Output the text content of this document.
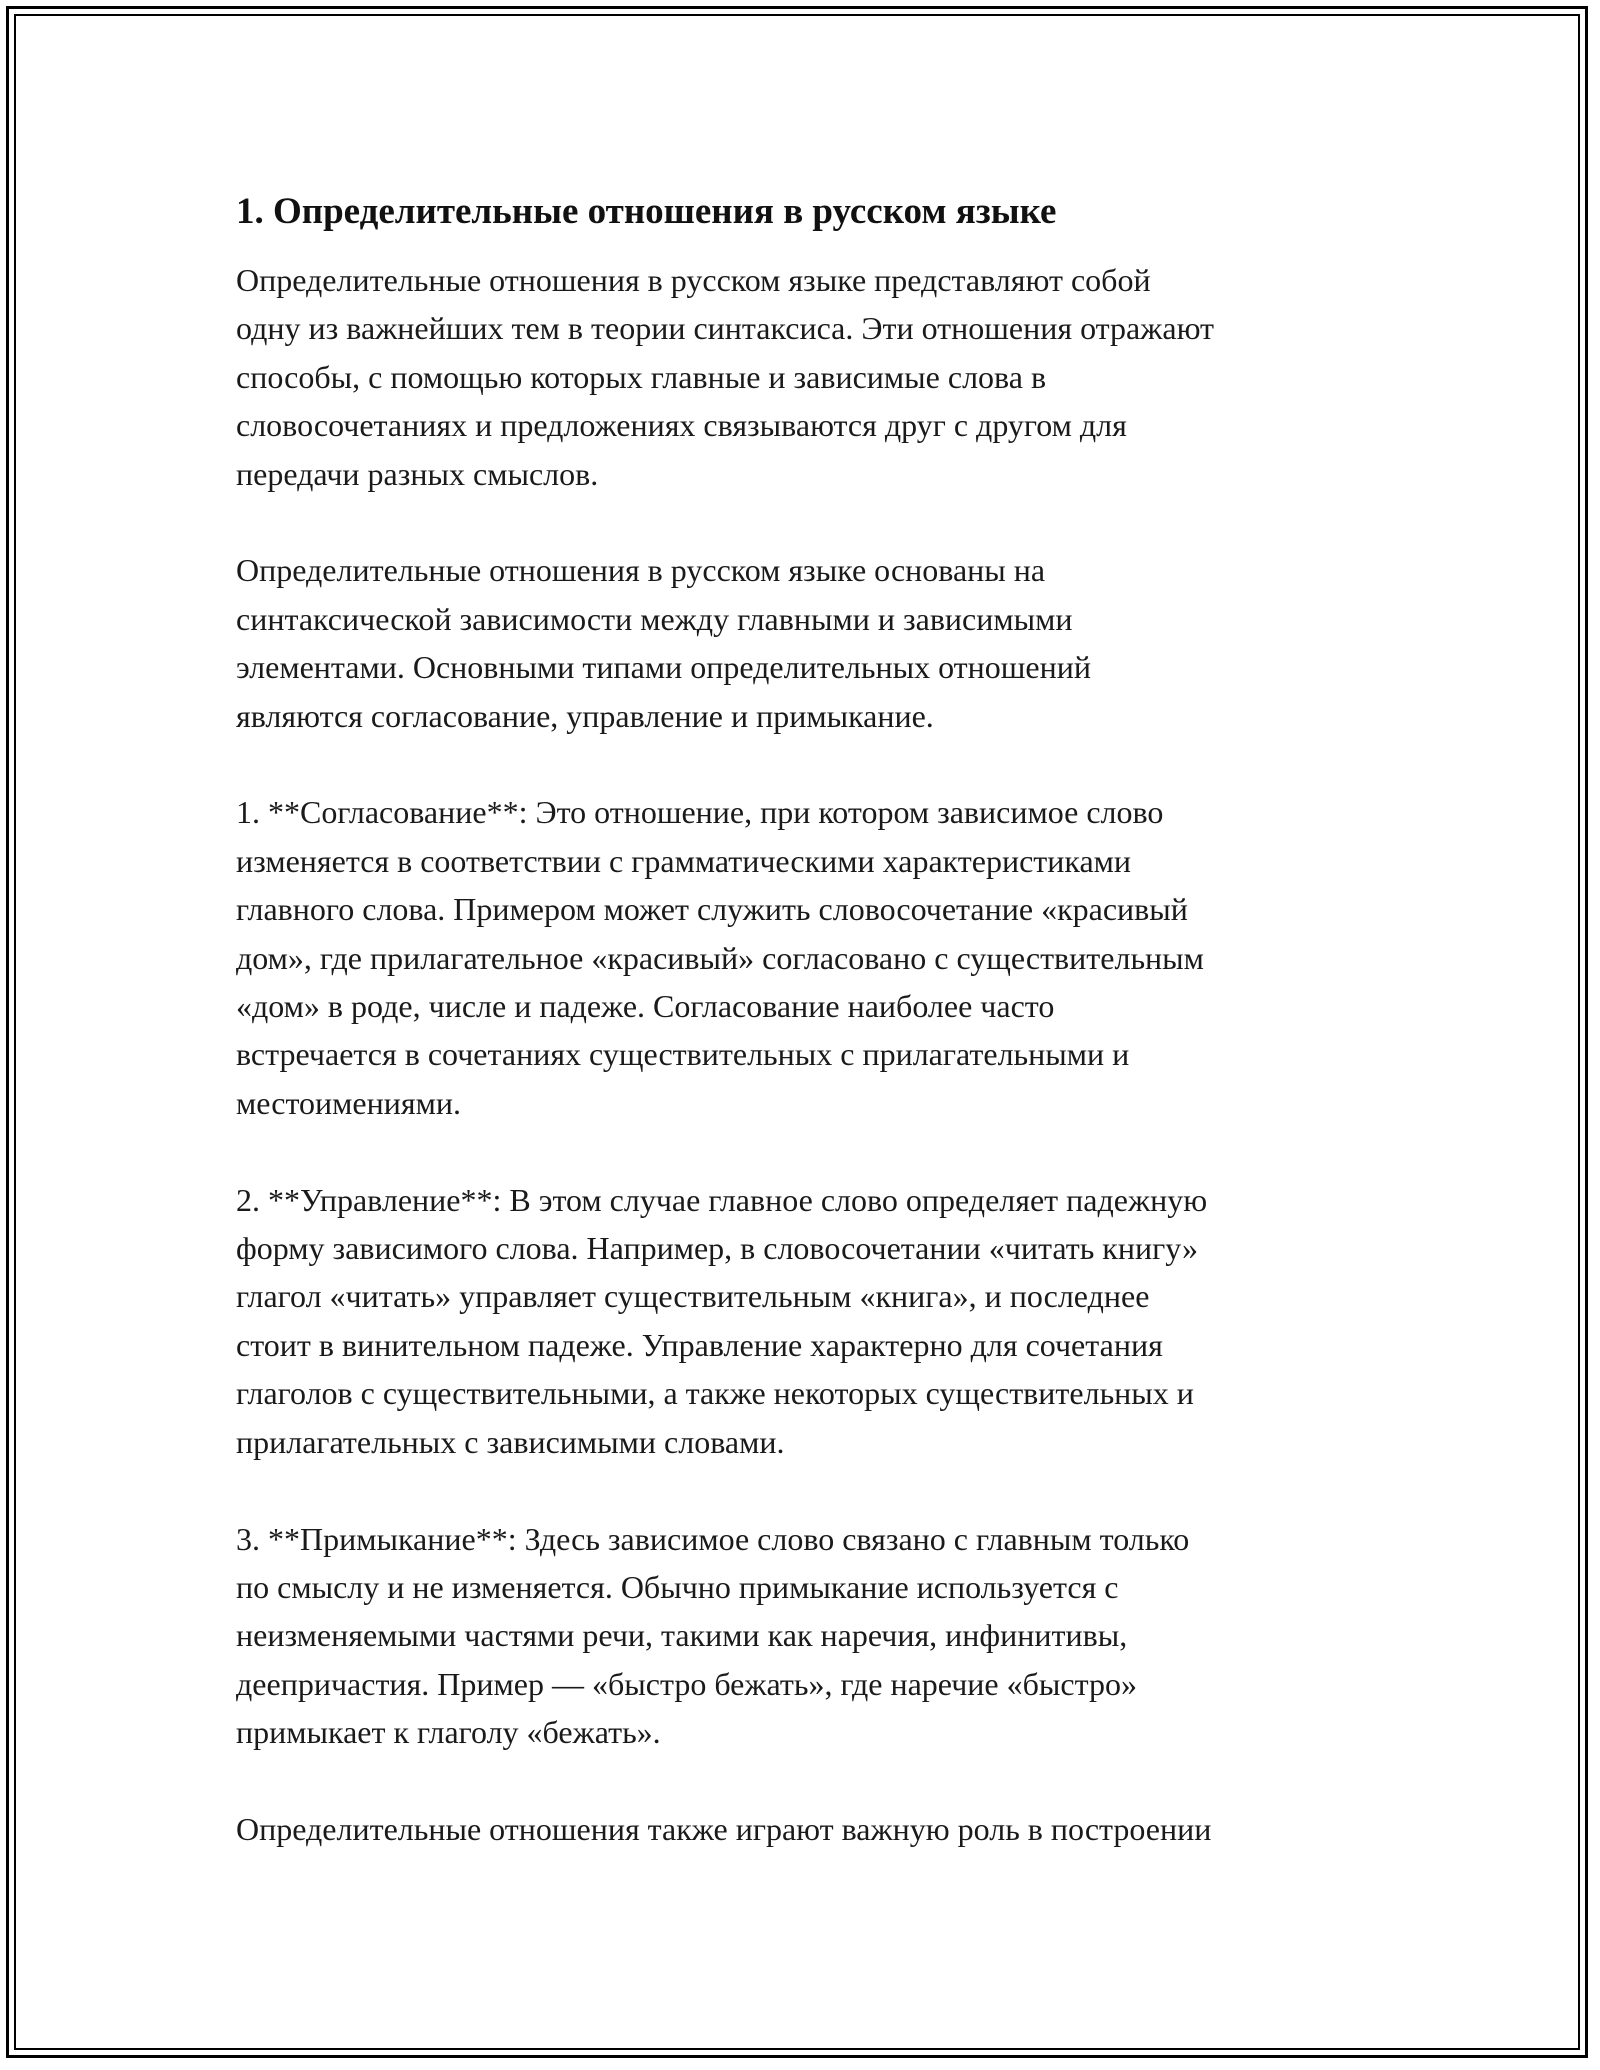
1. Определительные отношения в русском языке

Определительные отношения в русском языке представляют собой
одну из важнейших тем в теории синтаксиса. Эти отношения отражают
способы, с помощью которых главные и зависимые слова в
словосочетаниях и предложениях связываются друг с другом для
передачи разных смыслов.

Определительные отношения в русском языке основаны на
синтаксической зависимости между главными и зависимыми
элементами. Основными типами определительных отношений
являются согласование, управление и примыкание.

1. **Согласование**: Это отношение, при котором зависимое слово
изменяется в соответствии с грамматическими характеристиками
главного слова. Примером может служить словосочетание «красивый
дом», где прилагательное «красивый» согласовано с существительным
«дом» в роде, числе и падеже. Согласование наиболее часто
встречается в сочетаниях существительных с прилагательными и
местоимениями.

2. **Управление**: В этом случае главное слово определяет падежную
форму зависимого слова. Например, в словосочетании «читать книгу»
глагол «читать» управляет существительным «книга», и последнее
стоит в винительном падеже. Управление характерно для сочетания
глаголов с существительными, а также некоторых существительных и
прилагательных с зависимыми словами.

3. **Примыкание**: Здесь зависимое слово связано с главным только
по смыслу и не изменяется. Обычно примыкание используется с
неизменяемыми частями речи, такими как наречия, инфинитивы,
деепричастия. Пример — «быстро бежать», где наречие «быстро»
примыкает к глаголу «бежать».

Определительные отношения также играют важную роль в построении
